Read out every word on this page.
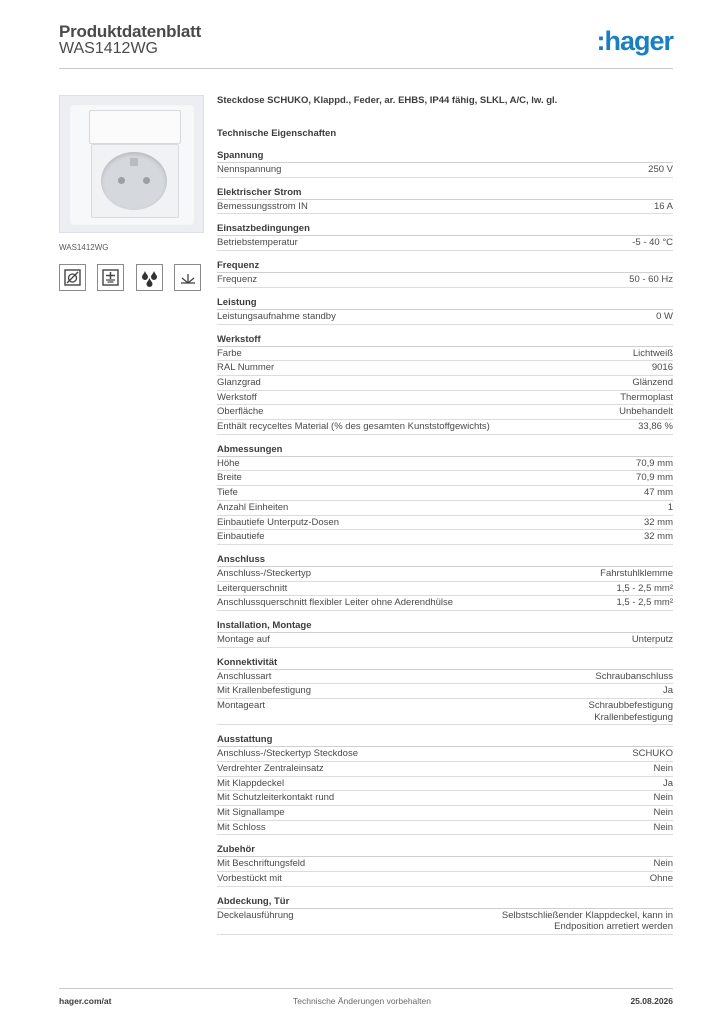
Produktdatenblatt
WAS1412WG	:hager
WAS1412WG
Steckdose SCHUKO, Klappd., Feder, ar. EHBS, IP44 fähig, SLKL, A/C, lw. gl.
Technische Eigenschaften
Spannung
Nennspannung	250 V
Elektrischer Strom
Bemessungsstrom IN	16 A
Einsatzbedingungen
Betriebstemperatur	-5 - 40 °C
Frequenz
Frequenz	50 - 60 Hz
Leistung
Leistungsaufnahme standby	0 W
Werkstoff
Farbe	Lichtweiß
RAL Nummer	9016
Glanzgrad	Glänzend
Werkstoff	Thermoplast
Oberfläche	Unbehandelt
Enthält recyceltes Material (% des gesamten Kunststoffgewichts)	33,86 %
Abmessungen
Höhe	70,9 mm
Breite	70,9 mm
Tiefe	47 mm
Anzahl Einheiten	1
Einbautiefe Unterputz-Dosen	32 mm
Einbautiefe	32 mm
Anschluss
Anschluss-/Steckertyp	Fahrstuhlklemme
Leiterquerschnitt	1,5 - 2,5 mm²
Anschlussquerschnitt flexibler Leiter ohne Aderendhülse	1,5 - 2,5 mm²
Installation, Montage
Montage auf	Unterputz
Konnektivität
Anschlussart	Schraubanschluss
Mit Krallenbefestigung	Ja
Montageart	Schraubbefestigung
Krallenbefestigung
Ausstattung
Anschluss-/Steckertyp Steckdose	SCHUKO
Verdrehter Zentraleinsatz	Nein
Mit Klappdeckel	Ja
Mit Schutzleiterkontakt rund	Nein
Mit Signallampe	Nein
Mit Schloss	Nein
Zubehör
Mit Beschriftungsfeld	Nein
Vorbestückt mit	Ohne
Abdeckung, Tür
Deckelausführung	Selbstschließender Klappdeckel, kann in
Endposition arretiert werden
Technische Änderungen vorbehalten
hager.com/at	25.08.2026
